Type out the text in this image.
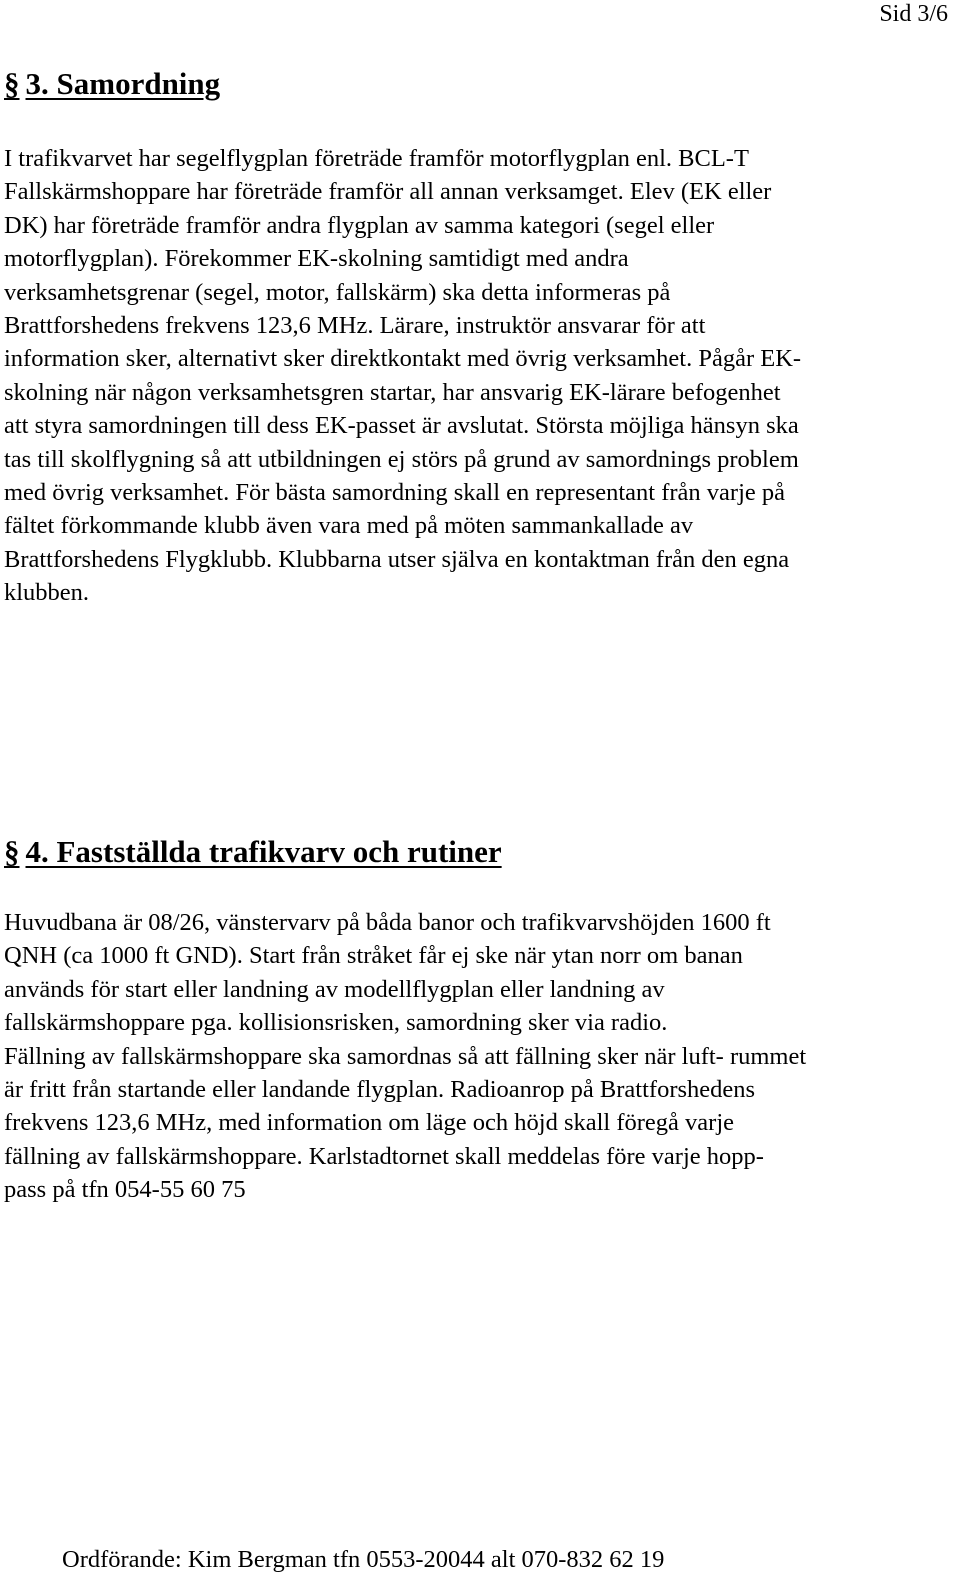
Sid 3/6
§ 3. Samordning
I trafikvarvet har segelflygplan företräde framför motorflygplan enl. BCL-T
Fallskärmshoppare har företräde framför all annan verksamget. Elev (EK eller
DK) har företräde framför andra flygplan av samma kategori (segel eller
motorflygplan). Förekommer EK-skolning samtidigt med andra
verksamhetsgrenar (segel, motor, fallskärm) ska detta informeras på
Brattforshedens frekvens 123,6 MHz. Lärare, instruktör ansvarar för att
information sker, alternativt sker direktkontakt med övrig verksamhet. Pågår EK-
skolning när någon verksamhetsgren startar, har ansvarig EK-lärare befogenhet
att styra samordningen till dess EK-passet är avslutat. Största möjliga hänsyn ska
tas till skolflygning så att utbildningen ej störs på grund av samordnings problem
med övrig verksamhet. För bästa samordning skall en representant från varje på
fältet förkommande klubb även vara med på möten sammankallade av
Brattforshedens Flygklubb. Klubbarna utser själva en kontaktman från den egna
klubben.
§ 4. Fastställda trafikvarv och rutiner
Huvudbana är 08/26, vänstervarv på båda banor och trafikvarvshöjden 1600 ft
QNH (ca 1000 ft GND). Start från stråket får ej ske när ytan norr om banan
används för start eller landning av modellflygplan eller landning av
fallskärmshoppare pga. kollisionsrisken, samordning sker via radio.
Fällning av fallskärmshoppare ska samordnas så att fällning sker när luft- rummet
är fritt från startande eller landande flygplan. Radioanrop på Brattforshedens
frekvens 123,6 MHz, med information om läge och höjd skall föregå varje
fällning av fallskärmshoppare. Karlstadtornet skall meddelas före varje hopp-
pass på tfn 054-55 60 75
Ordförande: Kim Bergman tfn 0553-20044 alt 070-832 62 19
